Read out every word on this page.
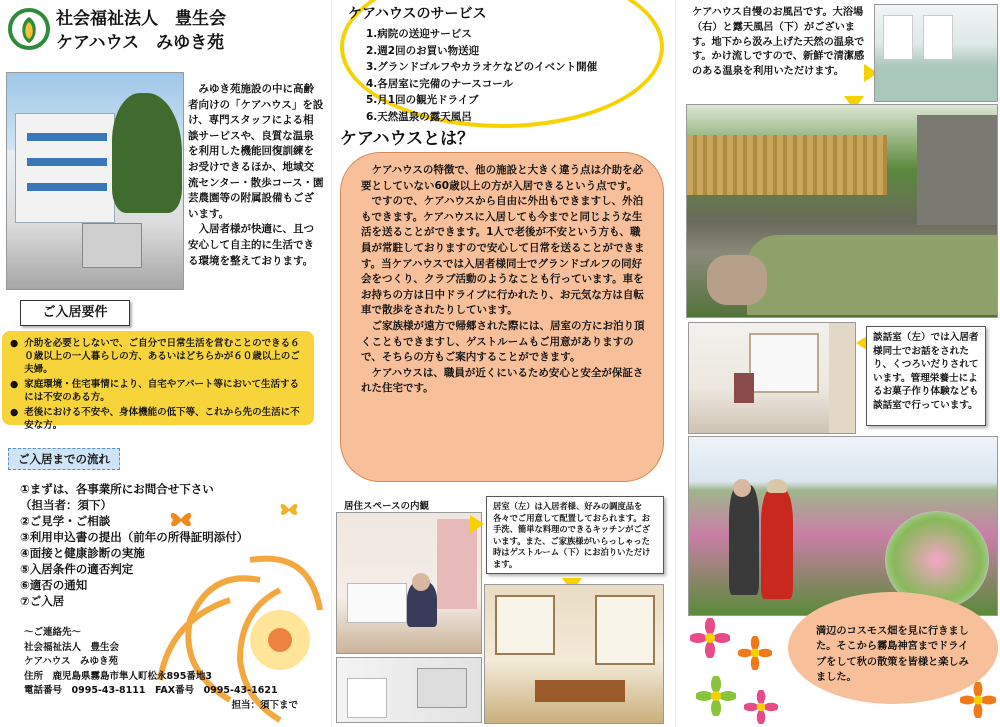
社会福祉法人　豊生会
ケアハウス　みゆき苑
　みゆき苑施設の中に高齢者向けの「ケアハウス」を設け、専門スタッフによる相談サービスや、良質な温泉を利用した機能回復訓練をお受けできるほか、地域交流センター・散歩コース・園芸農園等の附属設備もございます。
　入居者様が快適に、且つ安心して自主的に生活できる環境を整えております。
ご入居要件
● 介助を必要としないで、ご自分で日常生活を営むことのできる６０歳以上の一人暮らしの方、あるいはどちらかが６０歳以上のご夫婦。
● 家庭環境・住宅事情により、自宅やアパート等において生活するには不安のある方。
● 老後における不安や、身体機能の低下等、これから先の生活に不安な方。
ご入居までの流れ
①まずは、各事業所にお問合せ下さい
（担当者：須下）
②ご見学・ご相談
③利用申込書の提出（前年の所得証明添付）
④面接と健康診断の実施
⑤入居条件の適否判定
⑥適否の通知
⑦ご入居
～ご連絡先～
社会福祉法人　豊生会
ケアハウス　みゆき苑
住所　鹿児島県霧島市隼人町松永895番地3
電話番号　0995-43-8111　FAX番号　0995-43-1621
担当：須下まで
ケアハウスのサービス
1.病院の送迎サービス
2.週2回のお買い物送迎
3.グランドゴルフやカラオケなどのイベント開催
4.各居室に完備のナースコール
5.月1回の観光ドライブ
6.天然温泉の露天風呂
ケアハウスとは？
　ケアハウスの特徴で、他の施設と大きく違う点は介助を必要としていない60歳以上の方が入居できるという点です。
　ですので、ケアハウスから自由に外出もできますし、外泊もできます。ケアハウスに入居しても今までと同じような生活を送ることができます。1人で老後が不安という方も、職員が常駐しておりますので安心して日常を送ることができます。当ケアハウスでは入居者様同士でグランドゴルフの同好会をつくり、クラブ活動のようなことも行っています。車をお持ちの方は日中ドライブに行かれたり、お元気な方は自転車で散歩をされたりしています。
　ご家族様が遠方で帰郷された際には、居室の方にお泊り頂くこともできますし、ゲストルームもご用意がありますので、そちらの方もご案内することができます。
　ケアハウスは、職員が近くにいるため安心と安全が保証された住宅です。
居住スペースの内観	居室（左）は入居者様、好みの調度品を各々でご用意して配置しておられます。お手洗、簡単な料理のできるキッチンがございます。また、ご家族様がいらっしゃった時はゲストルーム（下）にお泊りいただけます。
ケアハウス自慢のお風呂です。大浴場（右）と露天風呂（下）がございます。地下から汲み上げた天然の温泉です。かけ流しですので、新鮮で清潔感のある温泉を利用いただけます。
談話室（左）では入居者様同士でお話をされたり、くつろいだりされています。管理栄養士によるお菓子作り体験なども談話室で行っています。
満辺のコスモス畑を見に行きました。そこから霧島神宮までドライブをして秋の散策を皆様と楽しみました。
